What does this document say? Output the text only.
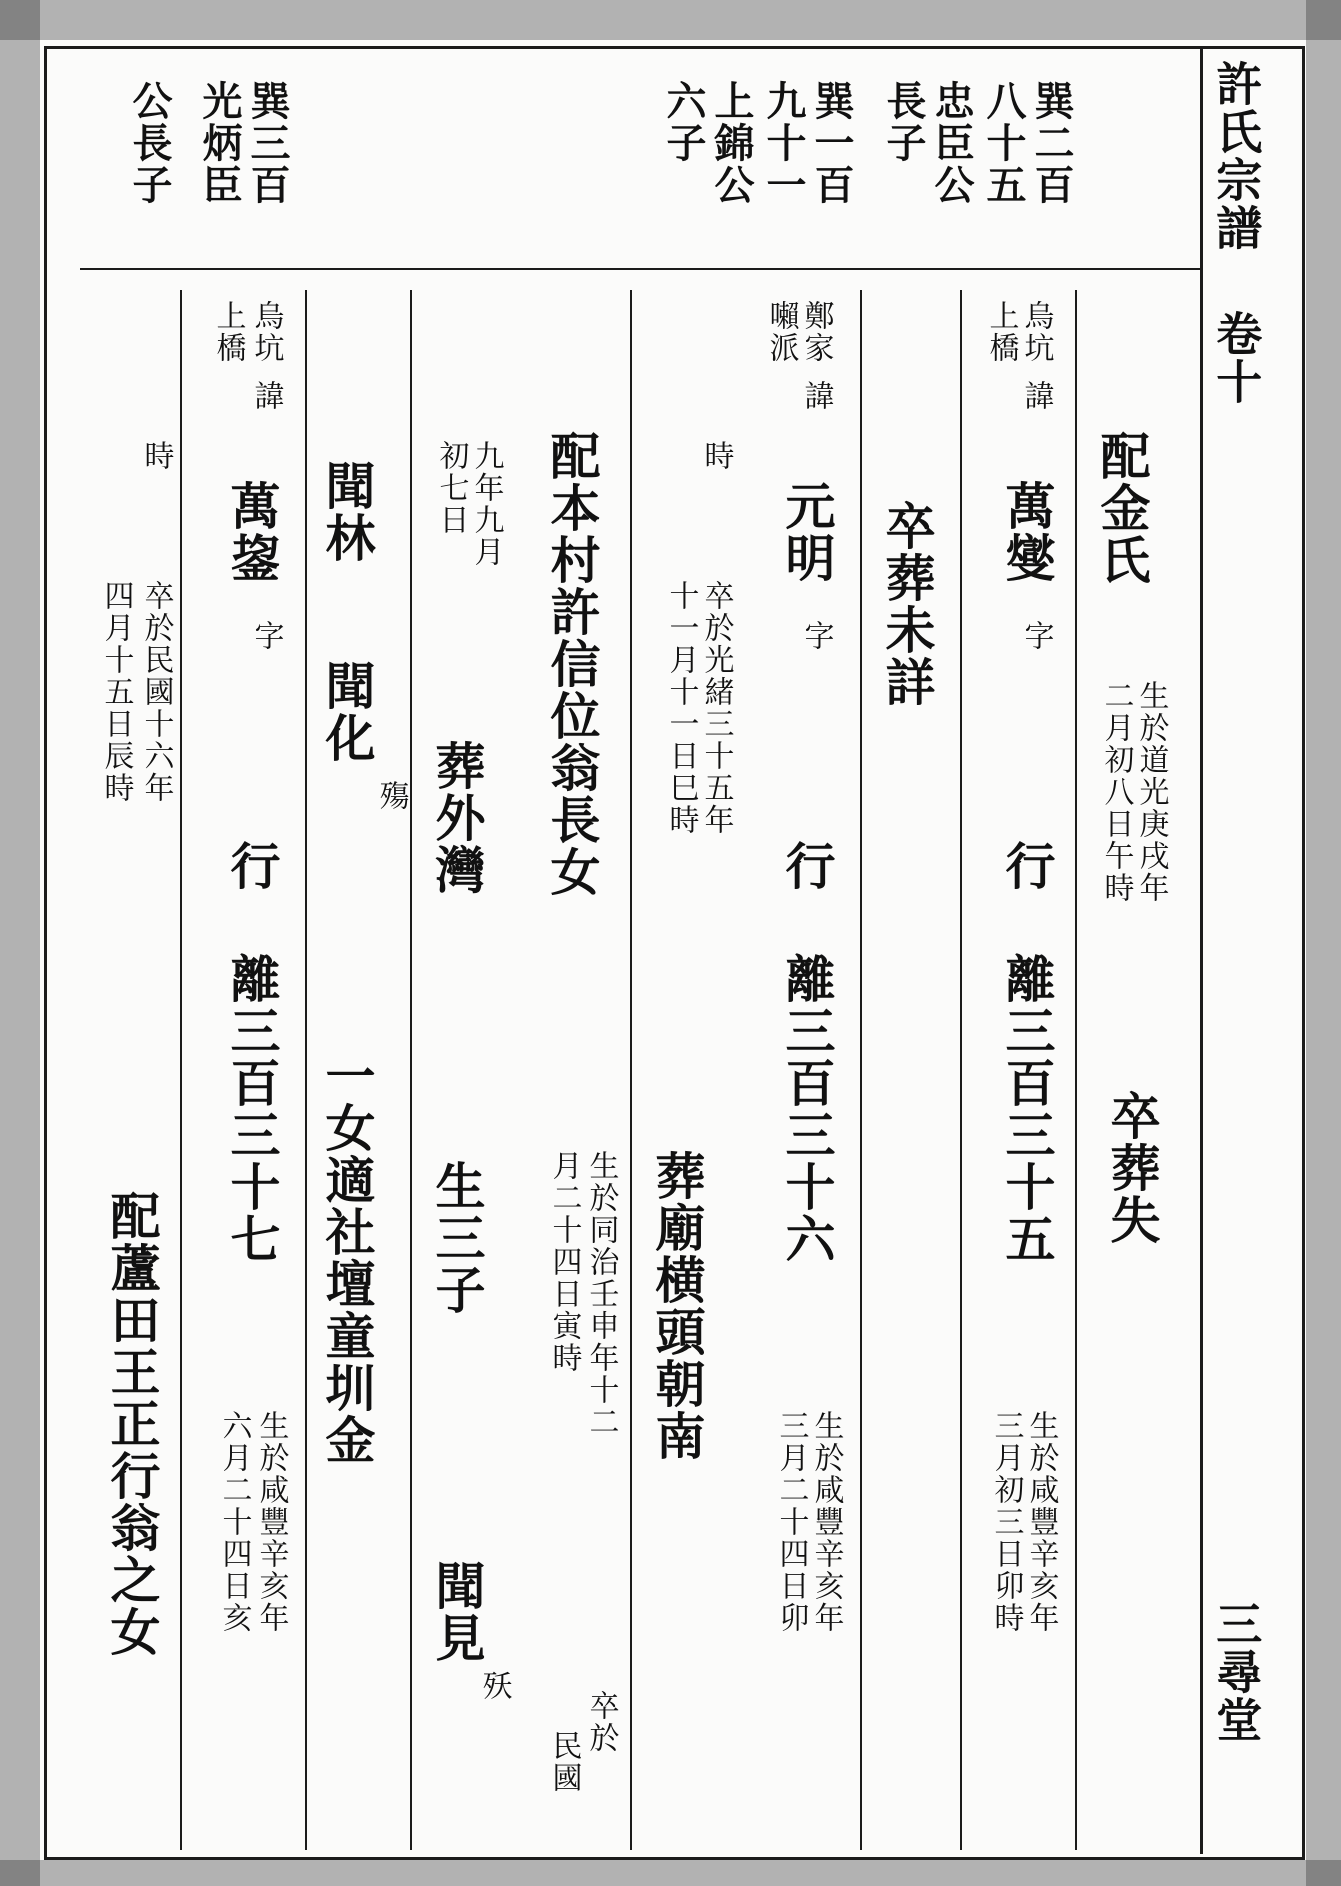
許氏宗譜
卷十
三尋堂
巽二百
八十五
忠臣公
長子
巽一百
九十一
上錦公
六子
巽三百
光炳臣
公長子
烏坑
上橋
諱
萬燮
字
行 離三百三十五
生於咸豐辛亥年
三月初三日卯時
配金氏
生於道光庚戌年
二月初八日午時
卒葬失
卒葬未詳
鄭家
𡃤派
諱
元明
字
行 離三百三十六
生於咸豐辛亥年
三月二十四日卯
時
卒於光緒三十五年
十一月十一日巳時
葬廟横頭朝南
配本村許信位翁長女
生於同治壬申年十二
月二十四日寅時
卒於
民國
九年九月
初七日
葬外灣
生三子
聞見
殀
聞林
聞化
殤
一女適社壇童圳金
烏坑
上橋
諱
萬鋆
字
行 離三百三十七
生於咸豐辛亥年
六月二十四日亥
時
卒於民國十六年
四月十五日辰時
配蘆田王正行翁之女
